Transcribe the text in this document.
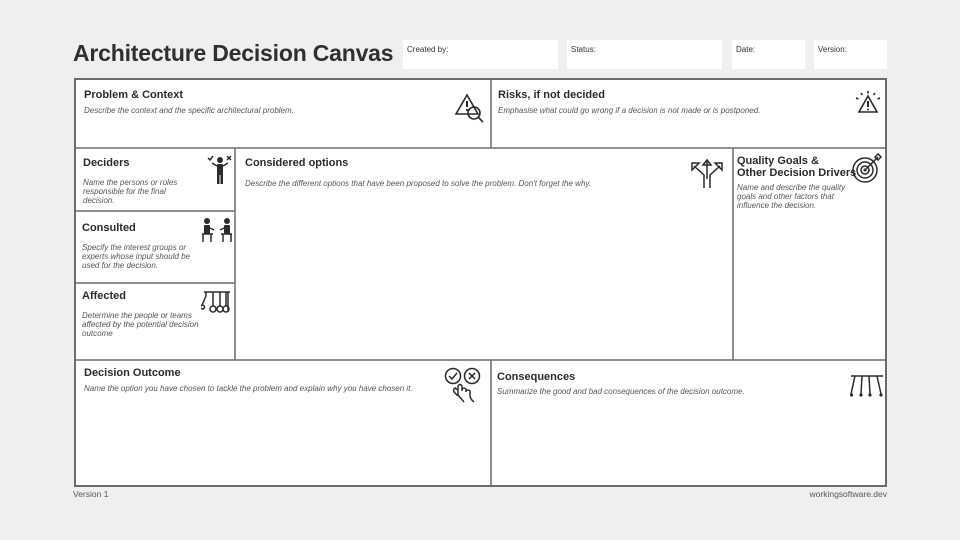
Architecture Decision Canvas	Created by:	Status:	Date:	Version:
Problem & Context

Describe the context and the specific architectural problem.

Risks, if not decided

Emphasise what could go wrong if a decision is not made or is postponed.

Deciders

Name the persons or roles responsible for the final decision.

Consulted

Specify the interest groups or experts whose input should be used for the decision.

Affected

Determine the people or teams affected by the potential decision outcome

Considered options

Describe the different options that have been proposed to solve the problem. Don't forget the why.

Quality Goals &
Other Decision Drivers

Name and describe the quality goals and other factors that influence the decision.

Decision Outcome

Name the option you have chosen to tackle the problem and explain why you have chosen it.

Consequences

Summarize the good and bad consequences of the decision outcome.

Version 1	workingsoftware.dev
